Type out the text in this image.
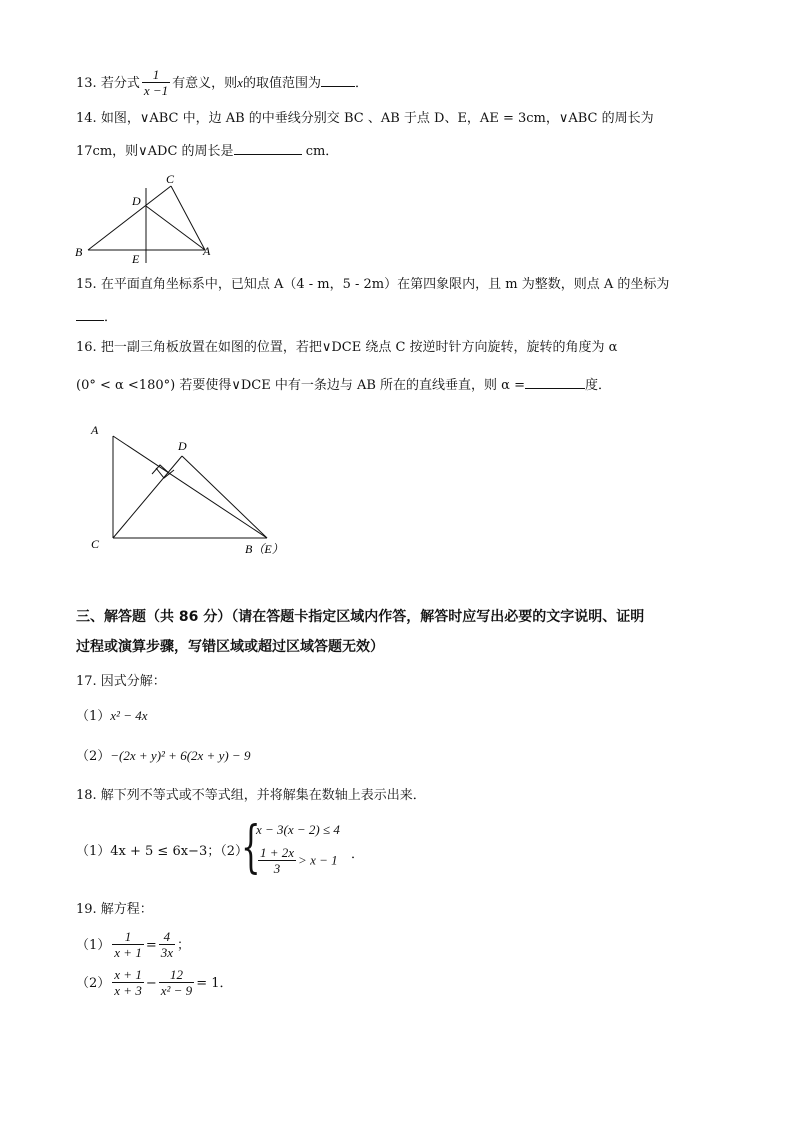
13. 若分式 $\frac{1}{x -1}$ 有意义，则x的取值范围为	．
14. 如图，∨ABC 中，边 AB 的中垂线分别交 BC 、AB 于点 D、E，AE = 3cm，∨ABC 的周长为
17cm，则∨ADC 的周长是	cm．
C
D
B	E
A
15. 在平面直角坐标系中，已知点 A（4 - m，5 - 2m）在第四象限内，且 m 为整数，则点 A 的坐标为
．
16. 把一副三角板放置在如图的位置，若把∨DCE 绕点 C 按逆时针方向旋转，旋转的角度为 α
(0° < α <180°) 若要使得∨DCE 中有一条边与 AB 所在的直线垂直，则 α =	度．
A
D
C	B（E）
三、解答题（共 86 分）（请在答题卡指定区域内作答，解答时应写出必要的文字说明、证明
过程或演算步骤，写错区域或超过区域答题无效）
17. 因式分解：
（1）x² − 4x
（2）−(2x + y)² + 6(2x + y) − 9
18. 解下列不等式或不等式组，并将解集在数轴上表示出来．
（1）4x + 5 ≤ 6x−3；（2）
{
x − 3(x − 2) ≤ 4
$\frac{1 + 2x}{3} > x - 1$ ．
19. 解方程：
$(1) \frac{1}{x + 1} = \frac{4}{3x}$ ；
$(2) \frac{x + 1}{x + 3} - \frac{12}{\text{x² − 9}} = 1$．
